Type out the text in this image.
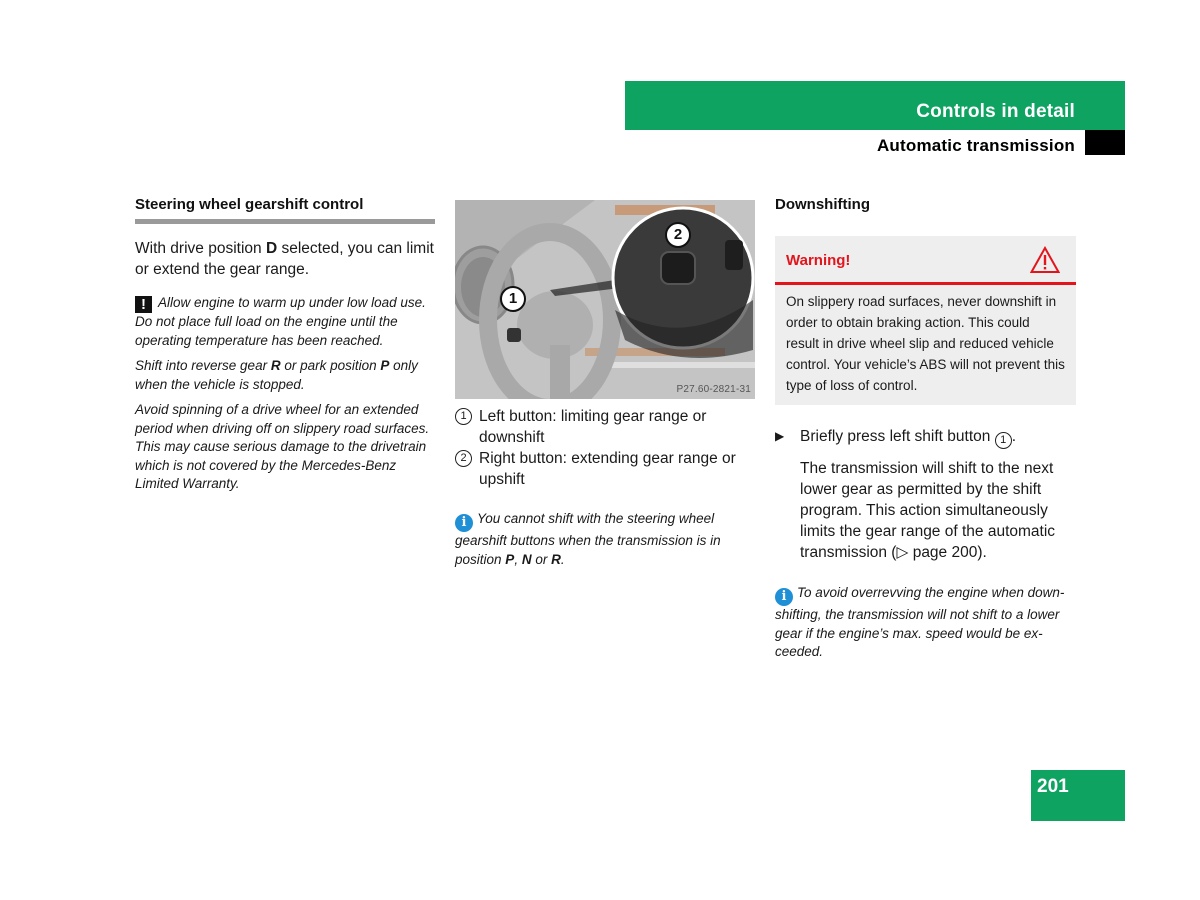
Controls in detail
Automatic transmission
Steering wheel gearshift control

With drive position D selected, you can limit or extend the gear range.

! Allow engine to warm up under low load use. Do not place full load on the engine until the operating temperature has been reached.

Shift into reverse gear R or park position P only when the vehicle is stopped.

Avoid spinning of a drive wheel for an extended period when driving off on slippery road surfaces. This may cause serious damage to the drivetrain which is not covered by the Mercedes-Benz Limited Warranty.

1
2
P27.60-2821-31
1 Left button: limiting gear range or downshift
2 Right button: extending gear range or upshift

i You cannot shift with the steering wheel gearshift buttons when the transmission is in position P, N or R.

Downshifting
Warning!
On slippery road surfaces, never downshift in order to obtain braking action. This could result in drive wheel slip and reduced vehicle control. Your vehicle’s ABS will not prevent this type of loss of control.
▶	Briefly press left shift button 1 .

The transmission will shift to the next lower gear as permitted by the shift program. This action simultaneously limits the gear range of the automatic transmission (▷ page 200).

i To avoid overrevving the engine when down-shifting, the transmission will not shift to a lower gear if the engine’s max. speed would be ex-ceeded.

201
